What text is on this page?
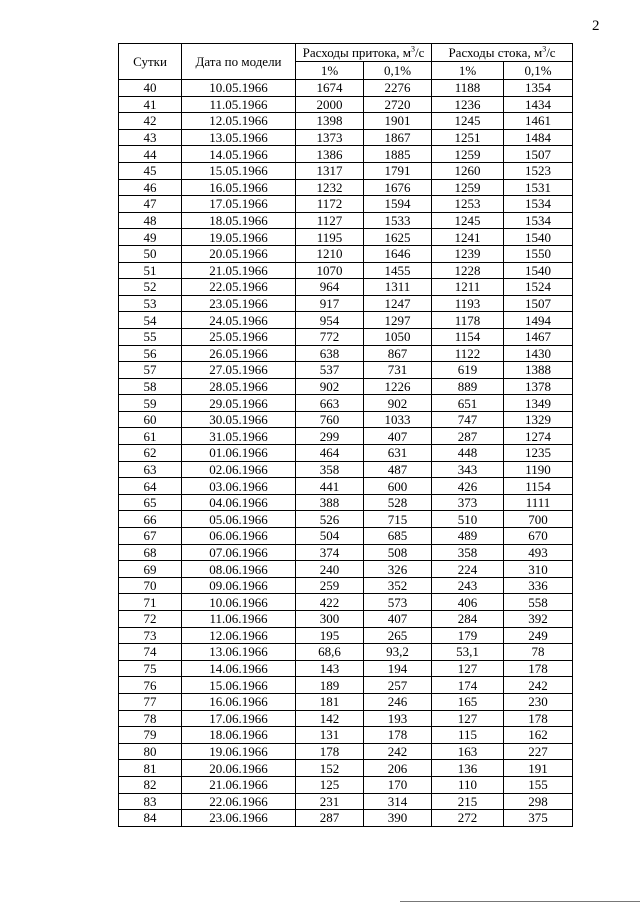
2
Сутки	Дата по модели	Расходы притока, $м^3/с$		Расходы стока, $м^3/с$	
		1%	0,1%	1%	0,1%
40	10.05.1966	1674	2276	1188	1354
41	11.05.1966	2000	2720	1236	1434
42	12.05.1966	1398	1901	1245	1461
43	13.05.1966	1373	1867	1251	1484
44	14.05.1966	1386	1885	1259	1507
45	15.05.1966	1317	1791	1260	1523
46	16.05.1966	1232	1676	1259	1531
47	17.05.1966	1172	1594	1253	1534
48	18.05.1966	1127	1533	1245	1534
49	19.05.1966	1195	1625	1241	1540
50	20.05.1966	1210	1646	1239	1550
51	21.05.1966	1070	1455	1228	1540
52	22.05.1966	964	1311	1211	1524
53	23.05.1966	917	1247	1193	1507
54	24.05.1966	954	1297	1178	1494
55	25.05.1966	772	1050	1154	1467
56	26.05.1966	638	867	1122	1430
57	27.05.1966	537	731	619	1388
58	28.05.1966	902	1226	889	1378
59	29.05.1966	663	902	651	1349
60	30.05.1966	760	1033	747	1329
61	31.05.1966	299	407	287	1274
62	01.06.1966	464	631	448	1235
63	02.06.1966	358	487	343	1190
64	03.06.1966	441	600	426	1154
65	04.06.1966	388	528	373	1111
66	05.06.1966	526	715	510	700
67	06.06.1966	504	685	489	670
68	07.06.1966	374	508	358	493
69	08.06.1966	240	326	224	310
70	09.06.1966	259	352	243	336
71	10.06.1966	422	573	406	558
72	11.06.1966	300	407	284	392
73	12.06.1966	195	265	179	249
74	13.06.1966	68,6	93,2	53,1	78
75	14.06.1966	143	194	127	178
76	15.06.1966	189	257	174	242
77	16.06.1966	181	246	165	230
78	17.06.1966	142	193	127	178
79	18.06.1966	131	178	115	162
80	19.06.1966	178	242	163	227
81	20.06.1966	152	206	136	191
82	21.06.1966	125	170	110	155
83	22.06.1966	231	314	215	298
84	23.06.1966	287	390	272	375
